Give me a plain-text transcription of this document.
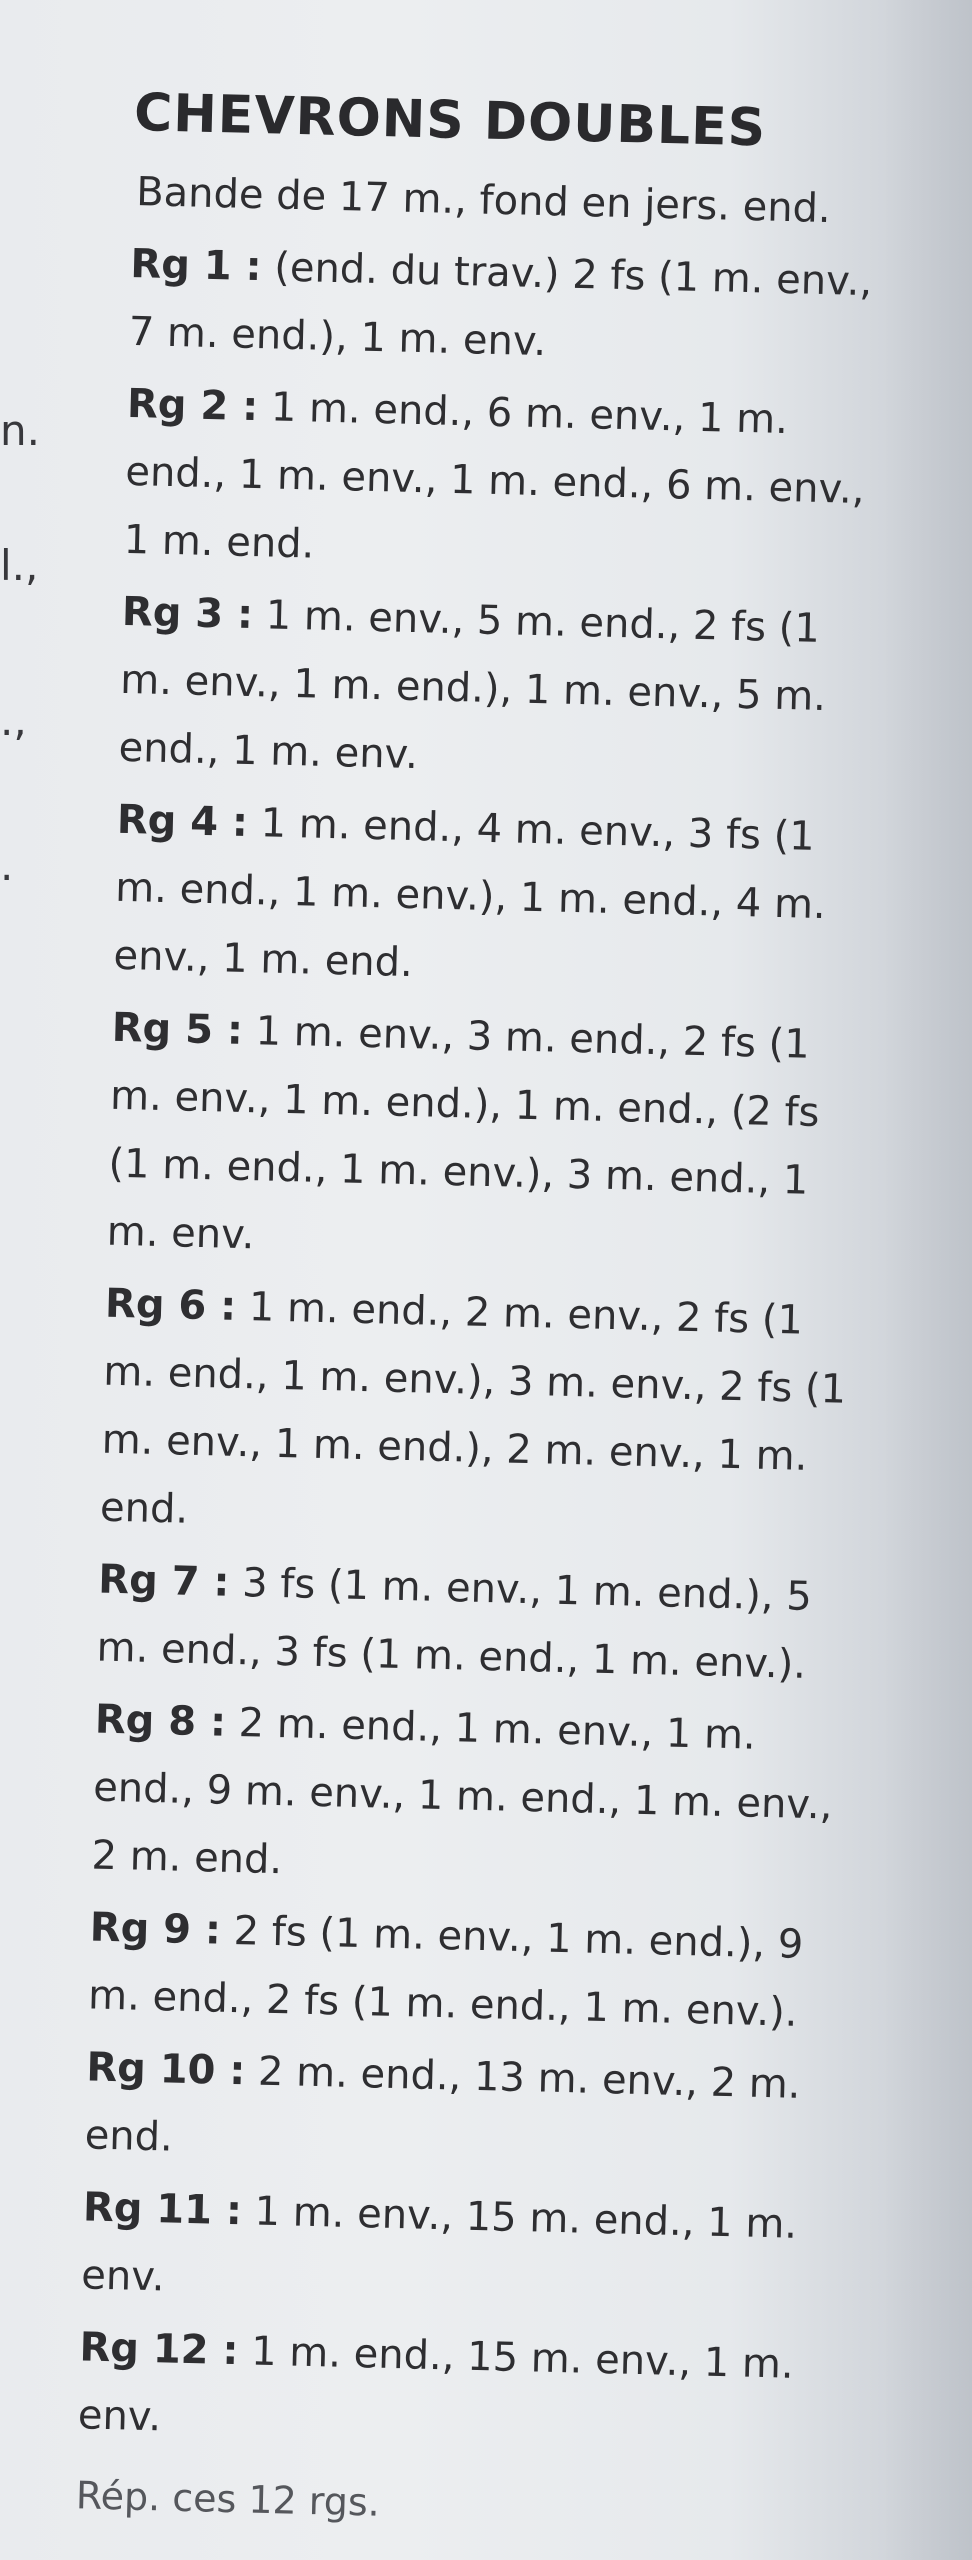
n.
l.,
.,
.
CHEVRONS DOUBLES

Bande de 17 m., fond en jers. end.

Rg 1 : (end. du trav.) 2 fs (1 m. env., 7 m. end.), 1 m. env.

Rg 2 : 1 m. end., 6 m. env., 1 m. end., 1 m. env., 1 m. end., 6 m. env., 1 m. end.

Rg 3 : 1 m. env., 5 m. end., 2 fs (1 m. env., 1 m. end.), 1 m. env., 5 m. end., 1 m. env.

Rg 4 : 1 m. end., 4 m. env., 3 fs (1 m. end., 1 m. env.), 1 m. end., 4 m. env., 1 m. end.

Rg 5 : 1 m. env., 3 m. end., 2 fs (1 m. env., 1 m. end.), 1 m. end., (2 fs (1 m. end., 1 m. env.), 3 m. end., 1 m. env.

Rg 6 : 1 m. end., 2 m. env., 2 fs (1 m. end., 1 m. env.), 3 m. env., 2 fs (1 m. env., 1 m. end.), 2 m. env., 1 m. end.

Rg 7 : 3 fs (1 m. env., 1 m. end.), 5 m. end., 3 fs (1 m. end., 1 m. env.).

Rg 8 : 2 m. end., 1 m. env., 1 m. end., 9 m. env., 1 m. end., 1 m. env., 2 m. end.

Rg 9 : 2 fs (1 m. env., 1 m. end.), 9 m. end., 2 fs (1 m. end., 1 m. env.).

Rg 10 : 2 m. end., 13 m. env., 2 m. end.

Rg 11 : 1 m. env., 15 m. end., 1 m. env.

Rg 12 : 1 m. end., 15 m. env., 1 m. env.

Rép. ces 12 rgs.
